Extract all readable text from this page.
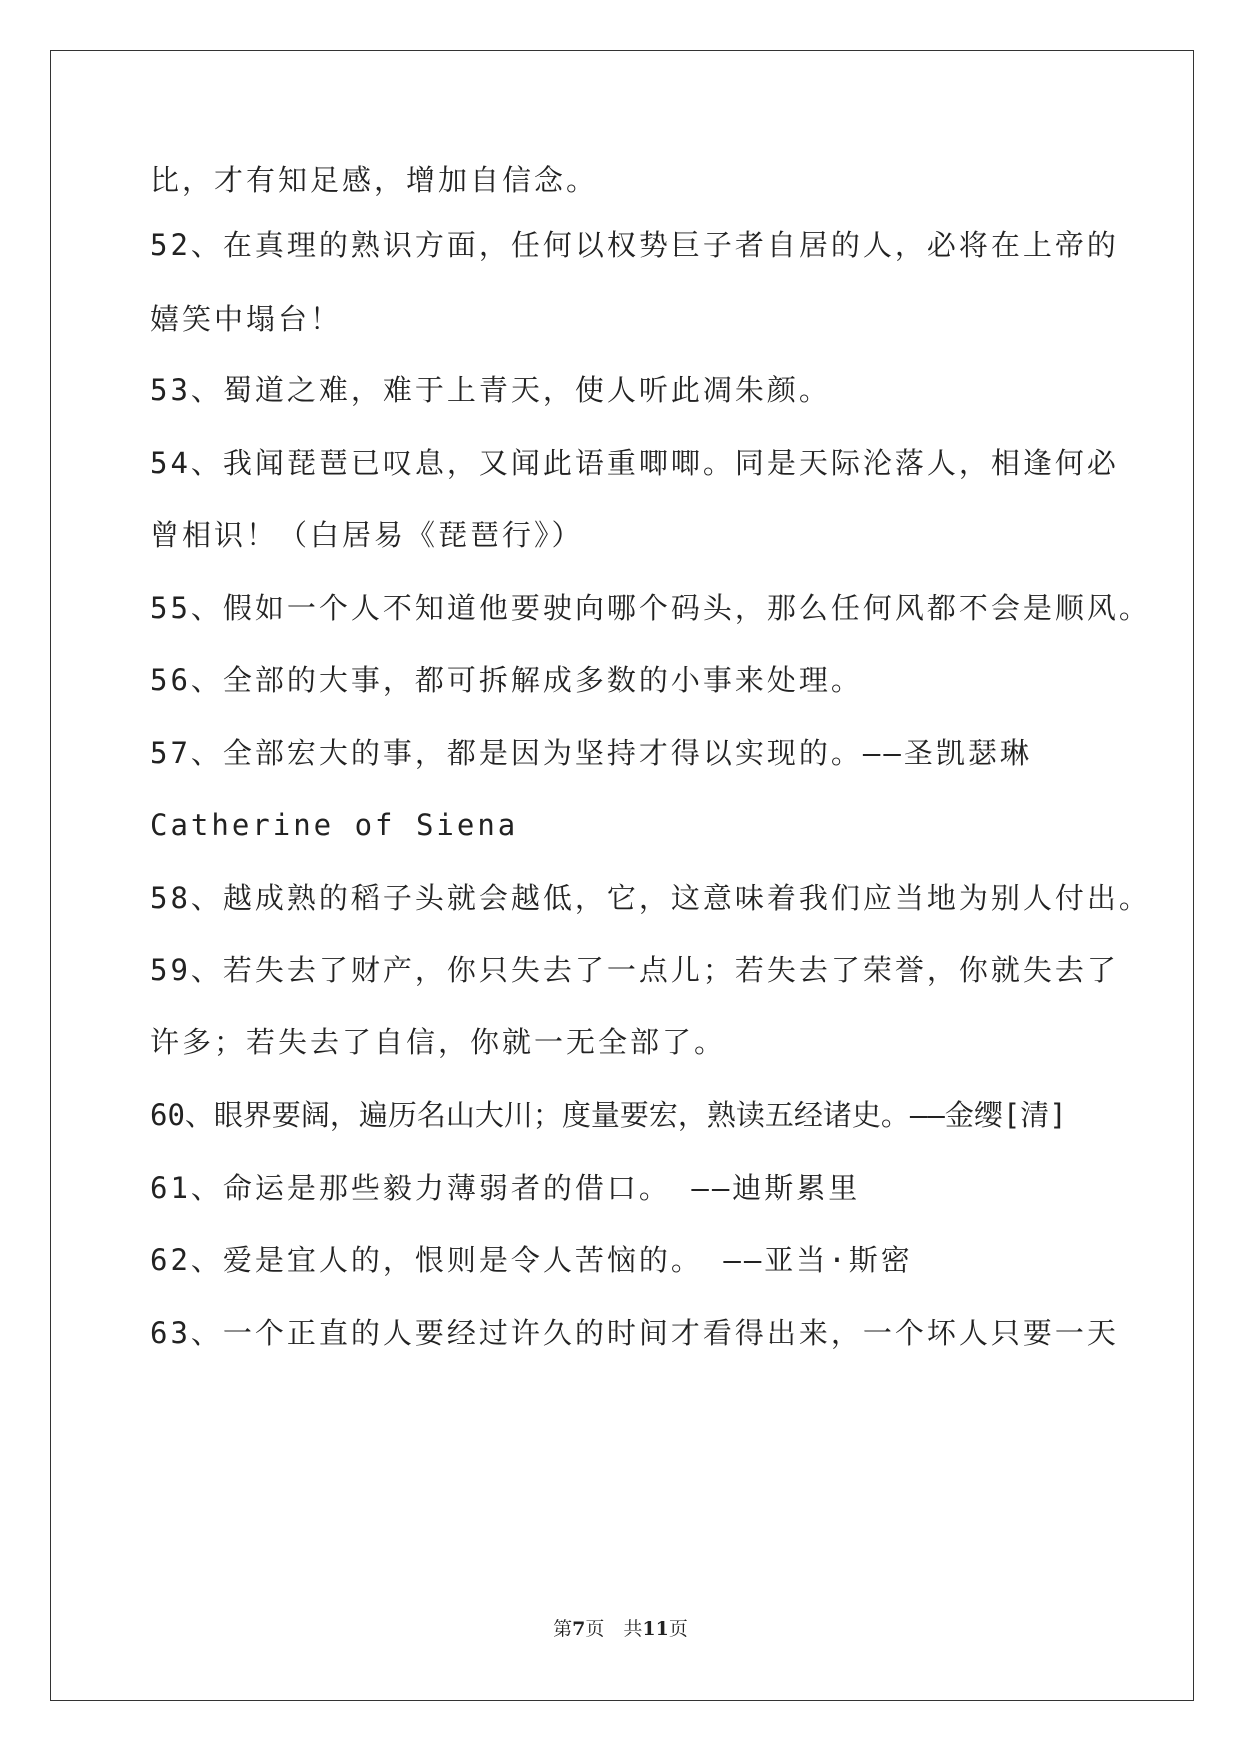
比，才有知足感，增加自信念。
52、在真理的熟识方面，任何以权势巨子者自居的人，必将在上帝的
嬉笑中塌台！
53、蜀道之难，难于上青天，使人听此凋朱颜。
54、我闻琵琶已叹息，又闻此语重唧唧。同是天际沦落人，相逢何必
曾相识！（白居易《琵琶行》）
55、假如一个人不知道他要驶向哪个码头，那么任何风都不会是顺风。
56、全部的大事，都可拆解成多数的小事来处理。
57、全部宏大的事，都是因为坚持才得以实现的。——圣凯瑟琳
Catherine of Siena
58、越成熟的稻子头就会越低，它，这意味着我们应当地为别人付出。
59、若失去了财产，你只失去了一点儿；若失去了荣誉，你就失去了
许多；若失去了自信，你就一无全部了。
60、眼界要阔，遍历名山大川；度量要宏，熟读五经诸史。——金缨[清]
61、命运是那些毅力薄弱者的借口。 ——迪斯累里
62、爱是宜人的，恨则是令人苦恼的。 ——亚当·斯密
63、一个正直的人要经过许久的时间才看得出来，一个坏人只要一天
第7页　共11页
